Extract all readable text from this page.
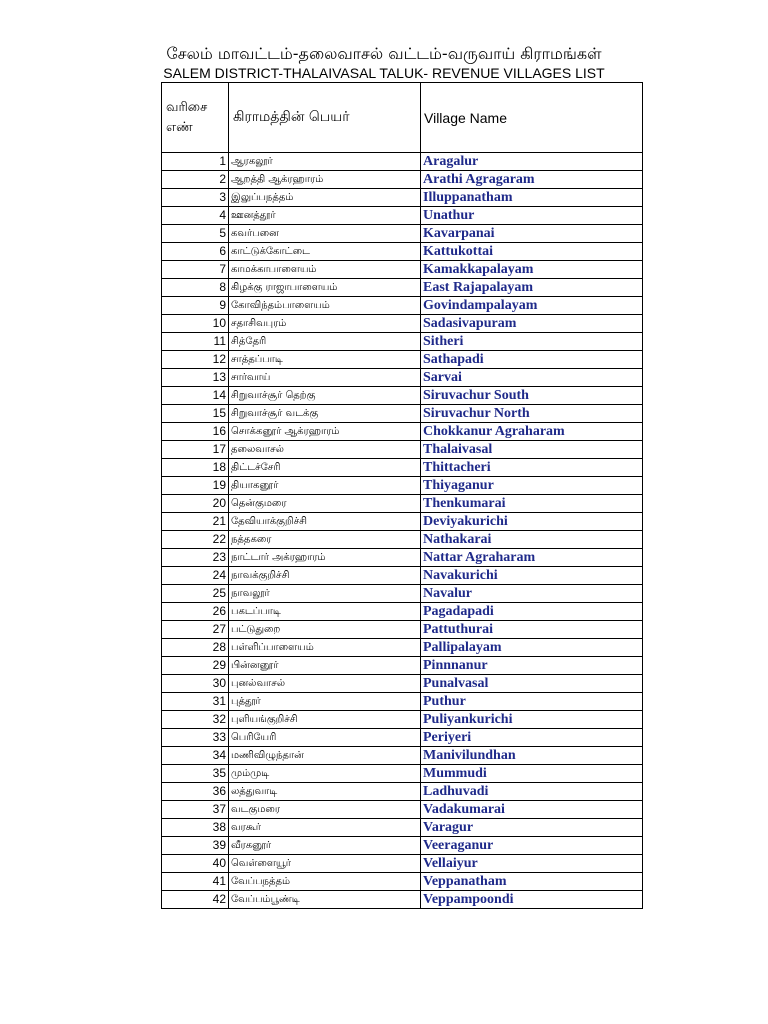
சேலம் மாவட்டம்-தலைவாசல் வட்டம்-வருவாய் கிராமங்கள்
SALEM DISTRICT-THALAIVASAL TALUK- REVENUE VILLAGES LIST
வரிசை
எண்	கிராமத்தின் பெயர்	Village Name
1	ஆரகலூர்	Aragalur
2	ஆறத்தி ஆக்ரஹாரம்	Arathi Agragaram
3	இலுப்பநத்தம்	Illuppanatham
4	ஊனத்தூர்	Unathur
5	கவர்பனை	Kavarpanai
6	காட்டுக்கோட்டை	Kattukottai
7	காமக்காபாளையம்	Kamakkapalayam
8	கிழக்கு ராஜாபாளையம்	East Rajapalayam
9	கோவிந்தம்பாளையம்	Govindampalayam
10	சதாசிவபுரம்	Sadasivapuram
11	சித்தேரி	Sitheri
12	சாத்தப்பாடி	Sathapadi
13	சார்வாய்	Sarvai
14	சிறுவாச்சூர் தெற்கு	Siruvachur South
15	சிறுவாச்சூர் வடக்கு	Siruvachur North
16	சொக்கனூர் ஆக்ரஹாரம்	Chokkanur Agraharam
17	தலைவாசல்	Thalaivasal
18	திட்டச்சேரி	Thittacheri
19	தியாகனூர்	Thiyaganur
20	தென்குமரை	Thenkumarai
21	தேவியாக்குறிச்சி	Deviyakurichi
22	நத்தகரை	Nathakarai
23	நாட்டார் அக்ரஹாரம்	Nattar Agraharam
24	நாவக்குறிச்சி	Navakurichi
25	நாவலூர்	Navalur
26	பகடப்பாடி	Pagadapadi
27	பட்டுதுறை	Pattuthurai
28	பள்ளிப்பாளையம்	Pallipalayam
29	பின்னனூர்	Pinnnanur
30	புனல்வாசல்	Punalvasal
31	புத்தூர்	Puthur
32	புளியங்குறிச்சி	Puliyankurichi
33	பெரியேரி	Periyeri
34	மணிவிழுந்தான்	Manivilundhan
35	மும்முடி	Mummudi
36	லத்துவாடி	Ladhuvadi
37	வடகுமரை	Vadakumarai
38	வரகூர்	Varagur
39	வீரகனூர்	Veeraganur
40	வெள்ளையூர்	Vellaiyur
41	வேப்பநத்தம்	Veppanatham
42	வேப்பம்பூண்டி	Veppampoondi
